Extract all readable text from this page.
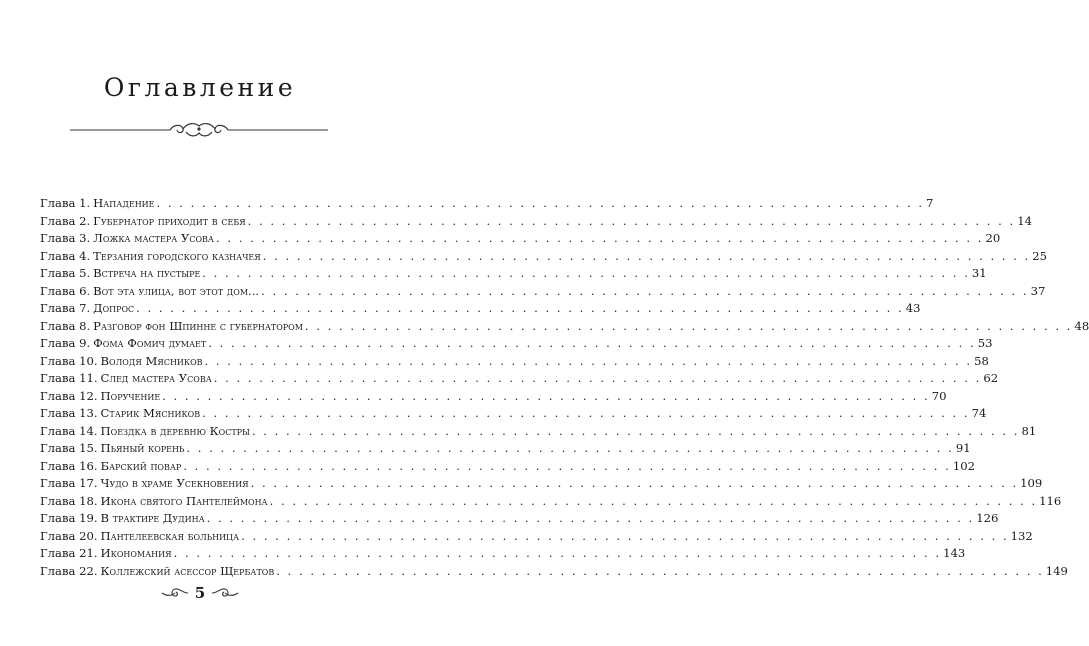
Оглавление
Глава 1. Нападение . . .	7
Глава 2. Губернатор приходит в себя . . .	14
Глава 3. Ложка мастера Усова . . .	20
Глава 4. Терзания городского казначея . . .	25
Глава 5. Встреча на пустыре . . .	31
Глава 6. Вот эта улица, вот этот дом... . . .	37
Глава 7. Допрос . . .	43
Глава 8. Разговор фон Шпинне с губернатором . . .	48
Глава 9. Фома Фомич думает . . .	53
Глава 10. Володя Мясников . . .	58
Глава 11. След мастера Усова . . .	62
Глава 12. Поручение . . .	70
Глава 13. Старик Мясников . . .	74
Глава 14. Поездка в деревню Костры . . .	81
Глава 15. Пьяный корень . . .	91
Глава 16. Барский повар . . .	102
Глава 17. Чудо в храме Усекновения . . .	109
Глава 18. Икона святого Пантелеймона . . .	116
Глава 19. В трактире Дудина . . .	126
Глава 20. Пантелеевская больница . . .	132
Глава 21. Икономания . . .	143
Глава 22. Коллежский асессор Щербатов . . .	149
5
